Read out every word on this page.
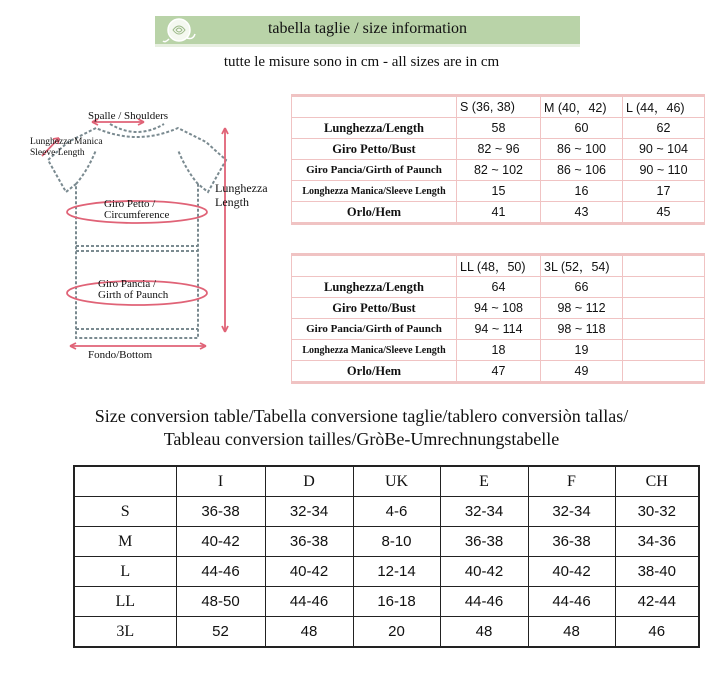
tabella taglie / size information
tutte le misure sono in cm - all sizes are in cm
Spalle / Shoulders
Lunghezza Manica
Sleeve Length
Lunghezza
Length
Giro Petto /
Circumference
Giro Pancia /
Girth of Paunch
Fondo/Bottom
	S (36, 38)	M (40，42)	L (44，46)
Lunghezza/Length	58	60	62
Giro Petto/Bust	82 ~ 96	86 ~ 100	90 ~ 104
Giro Pancia/Girth of Paunch	82 ~ 102	86 ~ 106	90 ~ 110
Longhezza Manica/Sleeve Length	15	16	17
Orlo/Hem	41	43	45
	LL (48，50)	3L (52，54)	
Lunghezza/Length	64	66	
Giro Petto/Bust	94 ~ 108	98 ~ 112	
Giro Pancia/Girth of Paunch	94 ~ 114	98 ~ 118	
Longhezza Manica/Sleeve Length	18	19	
Orlo/Hem	47	49	
Size conversion table/Tabella conversione taglie/tablero conversiòn tallas/
Tableau conversion tailles/GròBe-Umrechnungstabelle
	I	D	UK	E	F	CH
S	36-38	32-34	4-6	32-34	32-34	30-32
M	40-42	36-38	8-10	36-38	36-38	34-36
L	44-46	40-42	12-14	40-42	40-42	38-40
LL	48-50	44-46	16-18	44-46	44-46	42-44
3L	52	48	20	48	48	46
